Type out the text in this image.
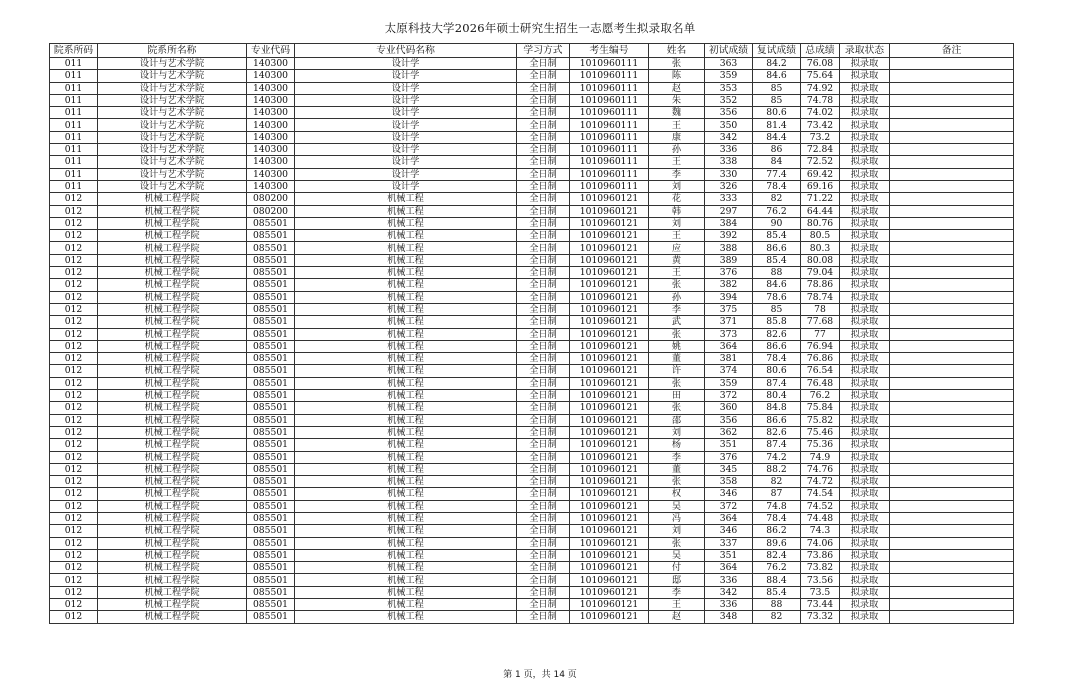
太原科技大学2026年硕士研究生招生一志愿考生拟录取名单
院系所码	院系所名称	专业代码	专业代码名称	学习方式	考生编号	姓名	初试成绩	复试成绩	总成绩	录取状态	备注
011	设计与艺术学院	140300	设计学	全日制	1010960111	张	363	84.2	76.08	拟录取	
011	设计与艺术学院	140300	设计学	全日制	1010960111	陈	359	84.6	75.64	拟录取	
011	设计与艺术学院	140300	设计学	全日制	1010960111	赵	353	85	74.92	拟录取	
011	设计与艺术学院	140300	设计学	全日制	1010960111	朱	352	85	74.78	拟录取	
011	设计与艺术学院	140300	设计学	全日制	1010960111	魏	356	80.6	74.02	拟录取	
011	设计与艺术学院	140300	设计学	全日制	1010960111	王	350	81.4	73.42	拟录取	
011	设计与艺术学院	140300	设计学	全日制	1010960111	康	342	84.4	73.2	拟录取	
011	设计与艺术学院	140300	设计学	全日制	1010960111	孙	336	86	72.84	拟录取	
011	设计与艺术学院	140300	设计学	全日制	1010960111	王	338	84	72.52	拟录取	
011	设计与艺术学院	140300	设计学	全日制	1010960111	李	330	77.4	69.42	拟录取	
011	设计与艺术学院	140300	设计学	全日制	1010960111	刘	326	78.4	69.16	拟录取	
012	机械工程学院	080200	机械工程	全日制	1010960121	花	333	82	71.22	拟录取	
012	机械工程学院	080200	机械工程	全日制	1010960121	韩	297	76.2	64.44	拟录取	
012	机械工程学院	085501	机械工程	全日制	1010960121	刘	384	90	80.76	拟录取	
012	机械工程学院	085501	机械工程	全日制	1010960121	王	392	85.4	80.5	拟录取	
012	机械工程学院	085501	机械工程	全日制	1010960121	应	388	86.6	80.3	拟录取	
012	机械工程学院	085501	机械工程	全日制	1010960121	黄	389	85.4	80.08	拟录取	
012	机械工程学院	085501	机械工程	全日制	1010960121	王	376	88	79.04	拟录取	
012	机械工程学院	085501	机械工程	全日制	1010960121	张	382	84.6	78.86	拟录取	
012	机械工程学院	085501	机械工程	全日制	1010960121	孙	394	78.6	78.74	拟录取	
012	机械工程学院	085501	机械工程	全日制	1010960121	李	375	85	78	拟录取	
012	机械工程学院	085501	机械工程	全日制	1010960121	武	371	85.8	77.68	拟录取	
012	机械工程学院	085501	机械工程	全日制	1010960121	张	373	82.6	77	拟录取	
012	机械工程学院	085501	机械工程	全日制	1010960121	姚	364	86.6	76.94	拟录取	
012	机械工程学院	085501	机械工程	全日制	1010960121	董	381	78.4	76.86	拟录取	
012	机械工程学院	085501	机械工程	全日制	1010960121	许	374	80.6	76.54	拟录取	
012	机械工程学院	085501	机械工程	全日制	1010960121	张	359	87.4	76.48	拟录取	
012	机械工程学院	085501	机械工程	全日制	1010960121	田	372	80.4	76.2	拟录取	
012	机械工程学院	085501	机械工程	全日制	1010960121	张	360	84.8	75.84	拟录取	
012	机械工程学院	085501	机械工程	全日制	1010960121	邵	356	86.6	75.82	拟录取	
012	机械工程学院	085501	机械工程	全日制	1010960121	刘	362	82.6	75.46	拟录取	
012	机械工程学院	085501	机械工程	全日制	1010960121	杨	351	87.4	75.36	拟录取	
012	机械工程学院	085501	机械工程	全日制	1010960121	李	376	74.2	74.9	拟录取	
012	机械工程学院	085501	机械工程	全日制	1010960121	董	345	88.2	74.76	拟录取	
012	机械工程学院	085501	机械工程	全日制	1010960121	张	358	82	74.72	拟录取	
012	机械工程学院	085501	机械工程	全日制	1010960121	权	346	87	74.54	拟录取	
012	机械工程学院	085501	机械工程	全日制	1010960121	吴	372	74.8	74.52	拟录取	
012	机械工程学院	085501	机械工程	全日制	1010960121	冯	364	78.4	74.48	拟录取	
012	机械工程学院	085501	机械工程	全日制	1010960121	刘	346	86.2	74.3	拟录取	
012	机械工程学院	085501	机械工程	全日制	1010960121	张	337	89.6	74.06	拟录取	
012	机械工程学院	085501	机械工程	全日制	1010960121	吴	351	82.4	73.86	拟录取	
012	机械工程学院	085501	机械工程	全日制	1010960121	付	364	76.2	73.82	拟录取	
012	机械工程学院	085501	机械工程	全日制	1010960121	邸	336	88.4	73.56	拟录取	
012	机械工程学院	085501	机械工程	全日制	1010960121	李	342	85.4	73.5	拟录取	
012	机械工程学院	085501	机械工程	全日制	1010960121	王	336	88	73.44	拟录取	
012	机械工程学院	085501	机械工程	全日制	1010960121	赵	348	82	73.32	拟录取	
第 1 页，共 14 页
